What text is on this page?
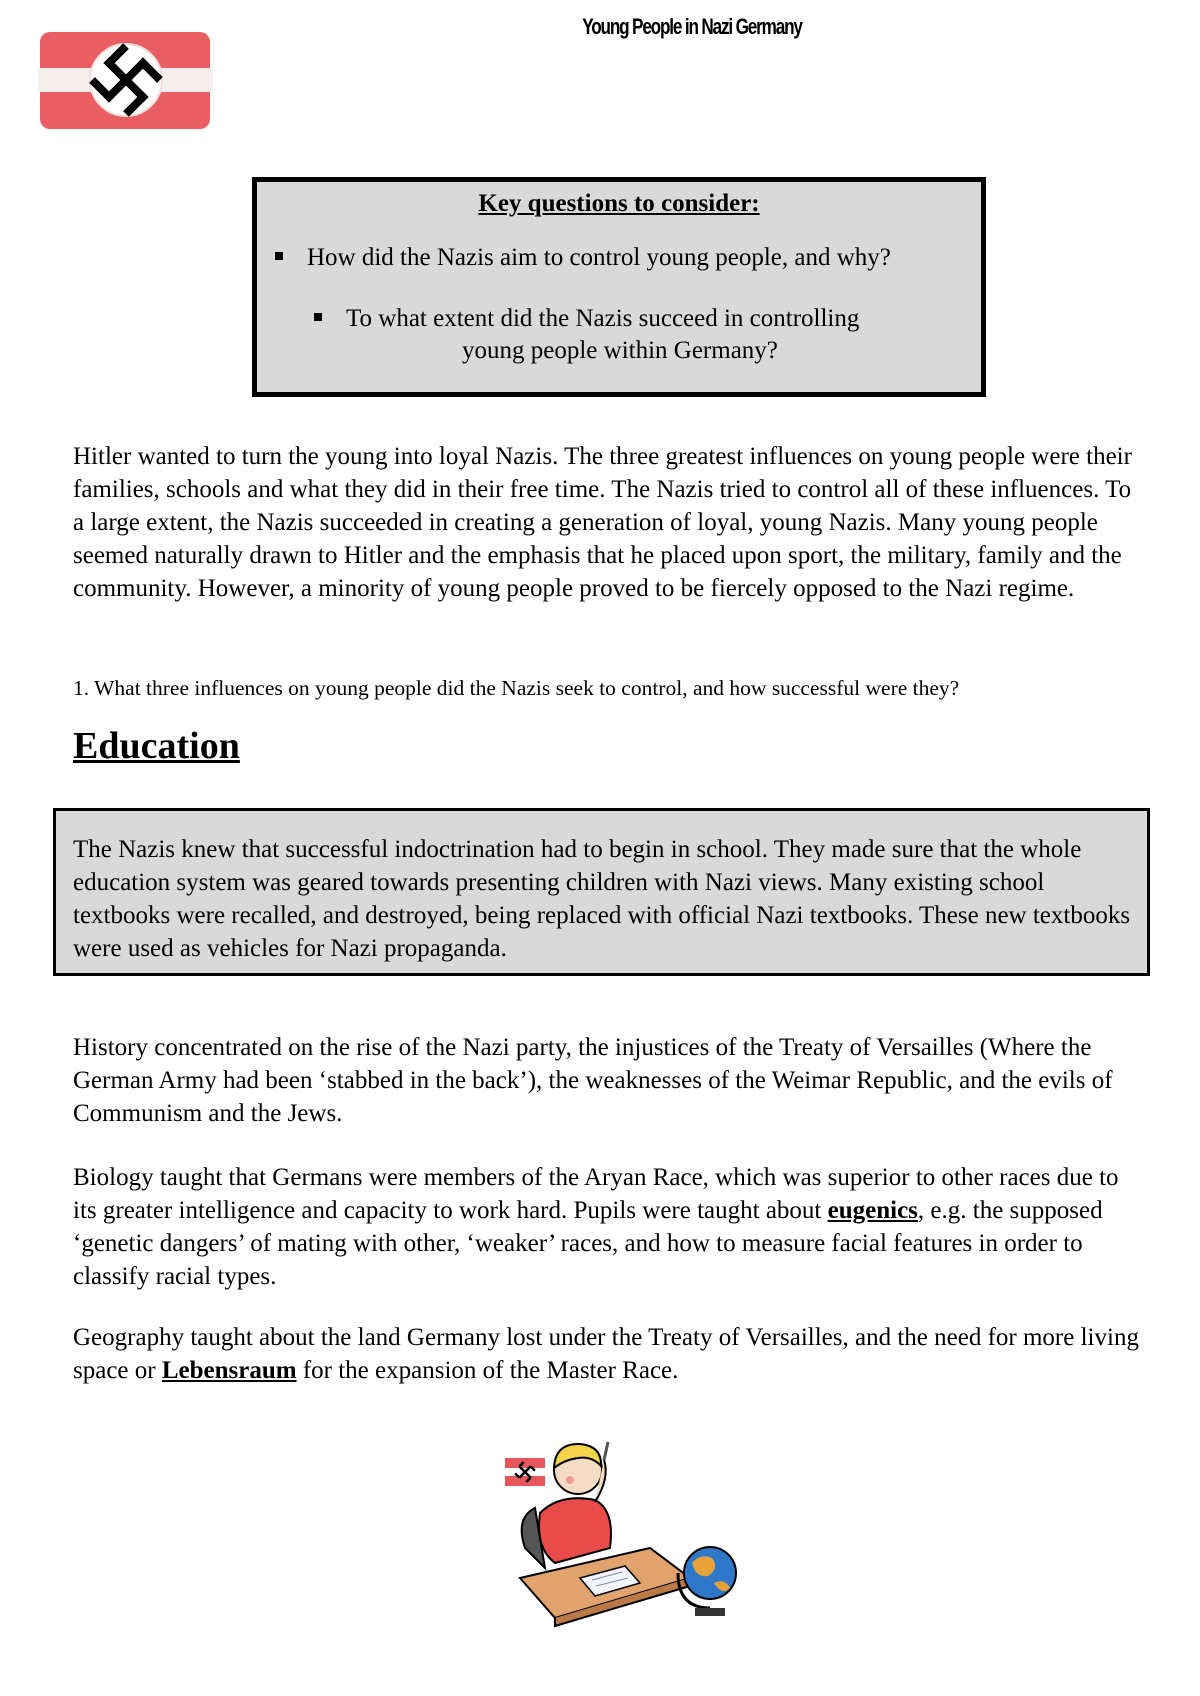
Young People in Nazi Germany
Key questions to consider:
How did the Nazis aim to control young people, and why?
To what extent did the Nazis succeed in controlling
young people within Germany?

Hitler wanted to turn the young into loyal Nazis. The three greatest influences on young people were their families, schools and what they did in their free time. The Nazis tried to control all of these influences. To a large extent, the Nazis succeeded in creating a generation of loyal, young Nazis. Many young people seemed naturally drawn to Hitler and the emphasis that he placed upon sport, the military, family and the community. However, a minority of young people proved to be fiercely opposed to the Nazi regime.

1. What three influences on young people did the Nazis seek to control, and how successful were they?
Education

The Nazis knew that successful indoctrination had to begin in school. They made sure that the whole education system was geared towards presenting children with Nazi views. Many existing school textbooks were recalled, and destroyed, being replaced with official Nazi textbooks. These new textbooks were used as vehicles for Nazi propaganda.

History concentrated on the rise of the Nazi party, the injustices of the Treaty of Versailles (Where the German Army had been ‘stabbed in the back’), the weaknesses of the Weimar Republic, and the evils of Communism and the Jews.

Biology taught that Germans were members of the Aryan Race, which was superior to other races due to its greater intelligence and capacity to work hard. Pupils were taught about eugenics, e.g. the supposed ‘genetic dangers’ of mating with other, ‘weaker’ races, and how to measure facial features in order to classify racial types.

Geography taught about the land Germany lost under the Treaty of Versailles, and the need for more living space or Lebensraum for the expansion of the Master Race.
